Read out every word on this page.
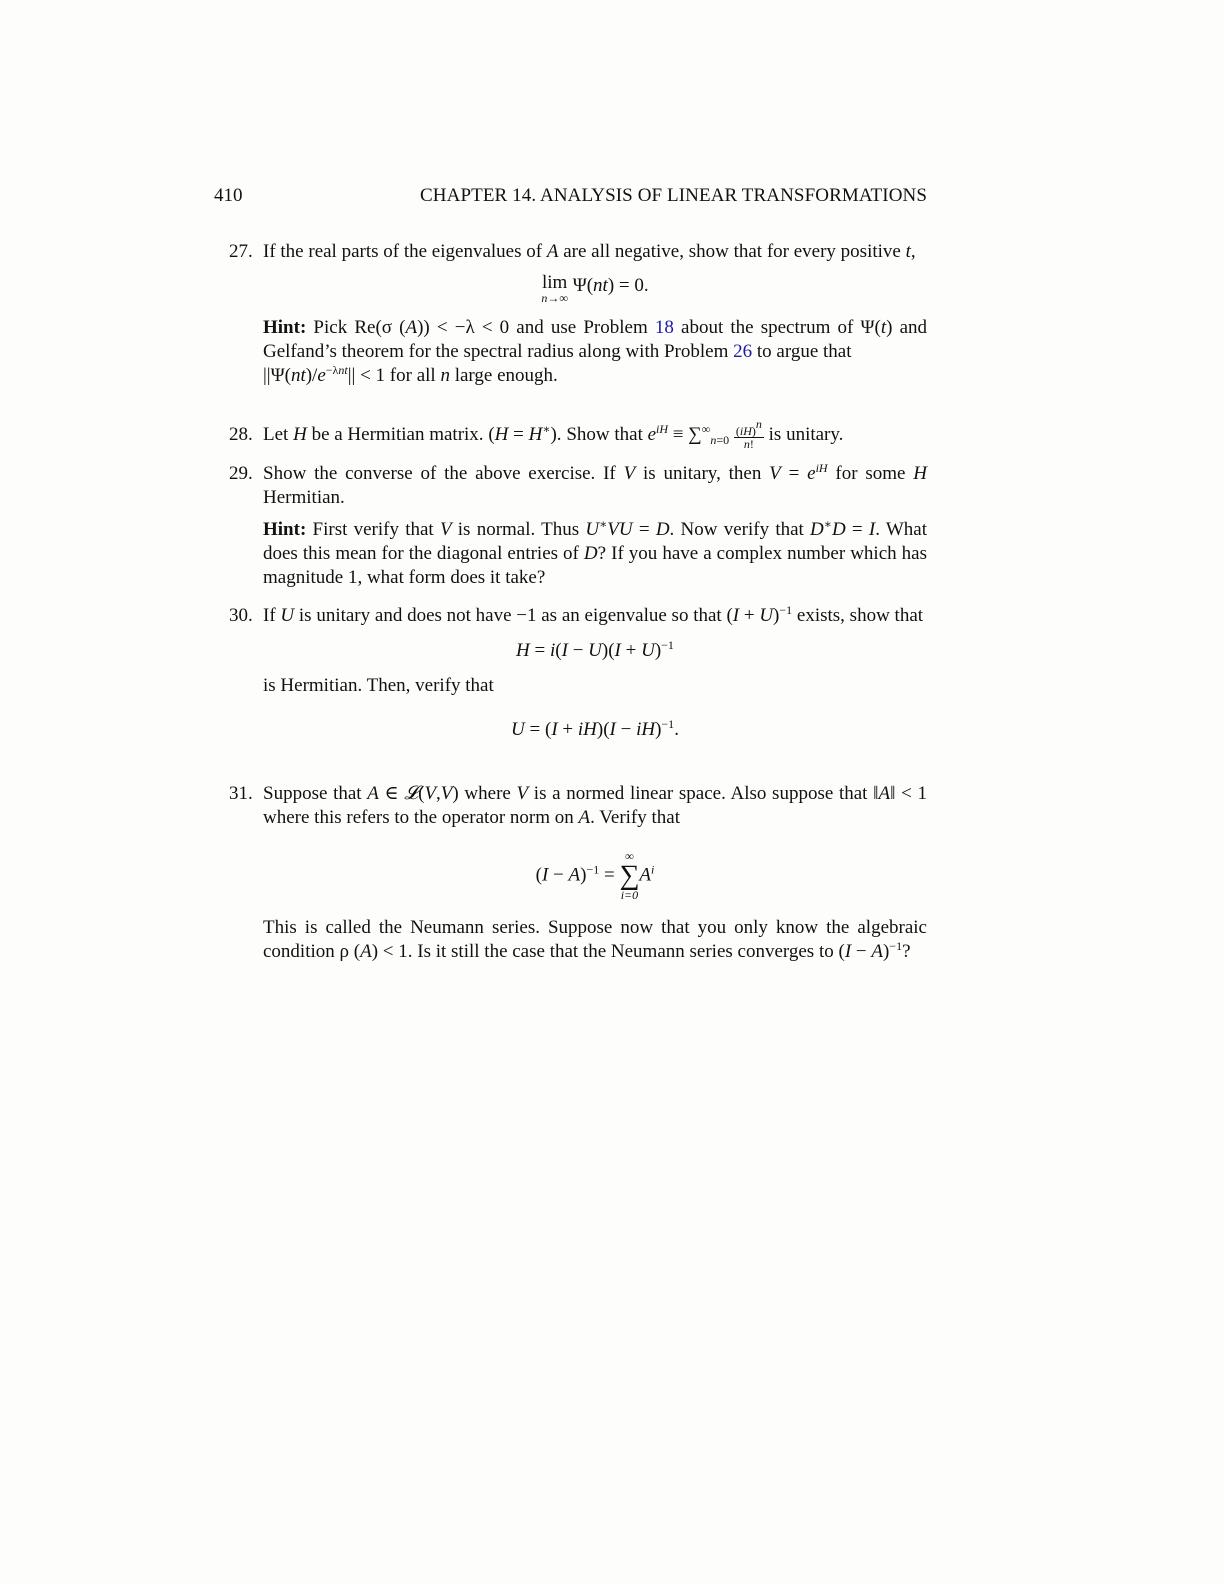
410	CHAPTER 14. ANALYSIS OF LINEAR TRANSFORMATIONS
27. If the real parts of the eigenvalues of A are all negative, show that for every positive t,
lim
n→∞
Ψ(nt) = 0.
Hint: Pick Re(σ (A)) < −λ < 0 and use Problem 18 about the spectrum of Ψ(t) and Gelfand’s theorem for the spectral radius along with Problem 26 to argue that
$||\Psi(nt)/e^{-\lambda nt}|| < 1$ for all n large enough.
28. Let H be a Hermitian matrix. (H = H∗). Show that $e^{iH} \equiv \sum^\infty_{n=0} \frac{(iH)^n}{n!}$ is unitary.
29. Show the converse of the above exercise. If V is unitary, then $V = e^{iH}$ for some H Hermitian.
Hint: First verify that V is normal. Thus U∗VU = D. Now verify that D∗D = I. What does this mean for the diagonal entries of D? If you have a complex number which has magnitude 1, what form does it take?
30. If U is unitary and does not have −1 as an eigenvalue so that $(I + U)^{-1}$ exists, show that
$H = i(I - U)(I + U)^{-1}$
is Hermitian. Then, verify that
U = (I + iH)(I − iH)$^{-1}$.
31. Suppose that A ∈ 𝓛(V,V) where V is a normed linear space. Also suppose that ‖A‖ < 1 where this refers to the operator norm on A. Verify that
$(I - A)^{-1}$ =
∞
∑
i=0
$A^i$
This is called the Neumann series. Suppose now that you only know the algebraic condition ρ (A) < 1. Is it still the case that the Neumann series converges to $(I - A)^{-1}$?
